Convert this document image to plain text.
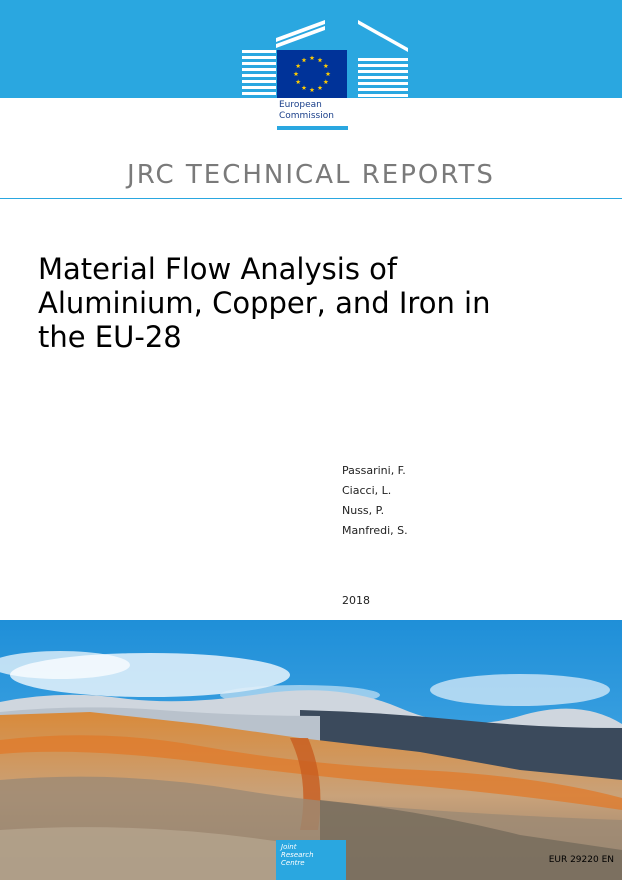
European
Commission
JRC TECHNICAL REPORTS
Material Flow Analysis of
Aluminium, Copper, and Iron in
the EU-28
Passarini, F.
Ciacci, L.
Nuss, P.
Manfredi, S.
2018
Joint
Research
Centre	EUR 29220 EN
